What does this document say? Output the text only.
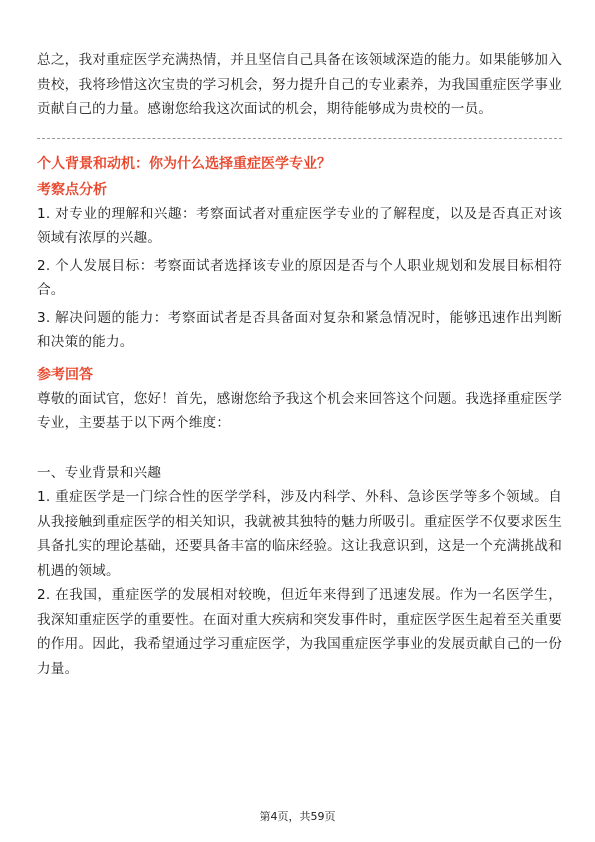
总之，我对重症医学充满热情，并且坚信自己具备在该领域深造的能力。如果能够加入贵校，我将珍惜这次宝贵的学习机会，努力提升自己的专业素养，为我国重症医学事业贡献自己的力量。感谢您给我这次面试的机会，期待能够成为贵校的一员。

个人背景和动机：你为什么选择重症医学专业？
考察点分析

1. 对专业的理解和兴趣：考察面试者对重症医学专业的了解程度，以及是否真正对该领域有浓厚的兴趣。

2. 个人发展目标：考察面试者选择该专业的原因是否与个人职业规划和发展目标相符合。

3. 解决问题的能力：考察面试者是否具备面对复杂和紧急情况时，能够迅速作出判断和决策的能力。

参考回答

尊敬的面试官，您好！首先，感谢您给予我这个机会来回答这个问题。我选择重症医学专业，主要基于以下两个维度：

一、专业背景和兴趣

1. 重症医学是一门综合性的医学学科，涉及内科学、外科、急诊医学等多个领域。自从我接触到重症医学的相关知识，我就被其独特的魅力所吸引。重症医学不仅要求医生具备扎实的理论基础，还要具备丰富的临床经验。这让我意识到，这是一个充满挑战和机遇的领域。

2. 在我国，重症医学的发展相对较晚，但近年来得到了迅速发展。作为一名医学生，我深知重症医学的重要性。在面对重大疾病和突发事件时，重症医学医生起着至关重要的作用。因此，我希望通过学习重症医学，为我国重症医学事业的发展贡献自己的一份力量。

第4页，共59页
